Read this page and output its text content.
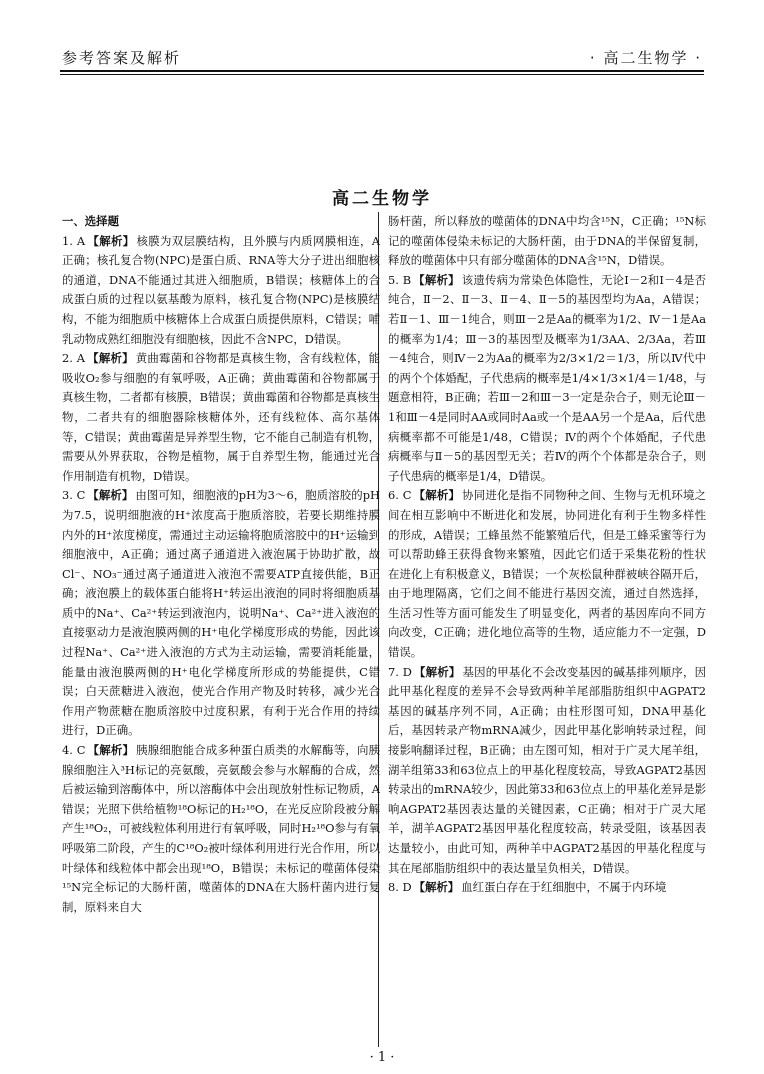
参考答案及解析	· 高二生物学 ·
高二生物学
一、选择题

1. A 【解析】 核膜为双层膜结构，且外膜与内质网膜相连，A正确；核孔复合物(NPC)是蛋白质、RNA等大分子进出细胞核的通道，DNA不能通过其进入细胞质，B错误；核糖体上的合成蛋白质的过程以氨基酸为原料，核孔复合物(NPC)是核膜结构，不能为细胞质中核糖体上合成蛋白质提供原料，C错误；哺乳动物成熟红细胞没有细胞核，因此不含NPC，D错误。

2. A 【解析】 黄曲霉菌和谷物都是真核生物，含有线粒体，能吸收O₂参与细胞的有氧呼吸，A正确；黄曲霉菌和谷物都属于真核生物，二者都有核膜，B错误；黄曲霉菌和谷物都是真核生物，二者共有的细胞器除核糖体外，还有线粒体、高尔基体等，C错误；黄曲霉菌是异养型生物，它不能自己制造有机物，需要从外界获取，谷物是植物，属于自养型生物，能通过光合作用制造有机物，D错误。

3. C 【解析】 由图可知，细胞液的pH为3～6，胞质溶胶的pH为7.5，说明细胞液的H⁺浓度高于胞质溶胶，若要长期维持膜内外的H⁺浓度梯度，需通过主动运输将胞质溶胶中的H⁺运输到细胞液中，A正确；通过离子通道进入液泡属于协助扩散，故Cl⁻、NO₃⁻通过离子通道进入液泡不需要ATP直接供能，B正确；液泡膜上的载体蛋白能将H⁺转运出液泡的同时将细胞质基质中的Na⁺、Ca²⁺转运到液泡内，说明Na⁺、Ca²⁺进入液泡的直接驱动力是液泡膜两侧的H⁺电化学梯度形成的势能，因此该过程Na⁺、Ca²⁺进入液泡的方式为主动运输，需要消耗能量，能量由液泡膜两侧的H⁺电化学梯度所形成的势能提供，C错误；白天蔗糖进入液泡，使光合作用产物及时转移，减少光合作用产物蔗糖在胞质溶胶中过度积累，有利于光合作用的持续进行，D正确。

4. C 【解析】 胰腺细胞能合成多种蛋白质类的水解酶等，向胰腺细胞注入³H标记的亮氨酸，亮氨酸会参与水解酶的合成，然后被运输到溶酶体中，所以溶酶体中会出现放射性标记物质，A错误；光照下供给植物¹⁸O标记的H₂¹⁸O，在光反应阶段被分解产生¹⁸O₂，可被线粒体利用进行有氧呼吸，同时H₂¹⁸O参与有氧呼吸第二阶段，产生的C¹⁸O₂被叶绿体利用进行光合作用，所以叶绿体和线粒体中都会出现¹⁸O，B错误；未标记的噬菌体侵染¹⁵N完全标记的大肠杆菌，噬菌体的DNA在大肠杆菌内进行复制，原料来自大

肠杆菌，所以释放的噬菌体的DNA中均含¹⁵N，C正确；¹⁵N标记的噬菌体侵染未标记的大肠杆菌，由于DNA的半保留复制，释放的噬菌体中只有部分噬菌体的DNA含¹⁵N，D错误。

5. B 【解析】 该遗传病为常染色体隐性，无论Ⅰ－2和Ⅰ－4是否纯合，Ⅱ－2、Ⅱ－3、Ⅱ－4、Ⅱ－5的基因型均为Aa，A错误；若Ⅱ－1、Ⅲ－1纯合，则Ⅲ－2是Aa的概率为1/2、Ⅳ－1是Aa的概率为1/4；Ⅲ－3的基因型及概率为1/3AA、2/3Aa，若Ⅲ－4纯合，则Ⅳ－2为Aa的概率为2/3×1/2＝1/3，所以Ⅳ代中的两个个体婚配，子代患病的概率是1/4×1/3×1/4＝1/48，与题意相符，B正确；若Ⅲ－2和Ⅲ－3一定是杂合子，则无论Ⅲ－1和Ⅲ－4是同时AA或同时Aa或一个是AA另一个是Aa，后代患病概率都不可能是1/48，C错误；Ⅳ的两个个体婚配，子代患病概率与Ⅱ－5的基因型无关；若Ⅳ的两个个体都是杂合子，则子代患病的概率是1/4，D错误。

6. C 【解析】 协同进化是指不同物种之间、生物与无机环境之间在相互影响中不断进化和发展，协同进化有利于生物多样性的形成，A错误；工蜂虽然不能繁殖后代，但是工蜂采蜜等行为可以帮助蜂王获得食物来繁殖，因此它们适于采集花粉的性状在进化上有积极意义，B错误；一个灰松鼠种群被峡谷隔开后，由于地理隔离，它们之间不能进行基因交流，通过自然选择，生活习性等方面可能发生了明显变化，两者的基因库向不同方向改变，C正确；进化地位高等的生物，适应能力不一定强，D错误。

7. D 【解析】 基因的甲基化不会改变基因的碱基排列顺序，因此甲基化程度的差异不会导致两种羊尾部脂肪组织中AGPAT2基因的碱基序列不同，A正确；由柱形图可知，DNA甲基化后，基因转录产物mRNA减少，因此甲基化影响转录过程，间接影响翻译过程，B正确；由左图可知，相对于广灵大尾羊组，湖羊组第33和63位点上的甲基化程度较高，导致AGPAT2基因转录出的mRNA较少，因此第33和63位点上的甲基化差异是影响AGPAT2基因表达量的关键因素，C正确；相对于广灵大尾羊，湖羊AGPAT2基因甲基化程度较高，转录受阻，该基因表达量较小，由此可知，两种羊中AGPAT2基因的甲基化程度与其在尾部脂肪组织中的表达量呈负相关，D错误。

8. D 【解析】 血红蛋白存在于红细胞中，不属于内环境

· 1 ·
